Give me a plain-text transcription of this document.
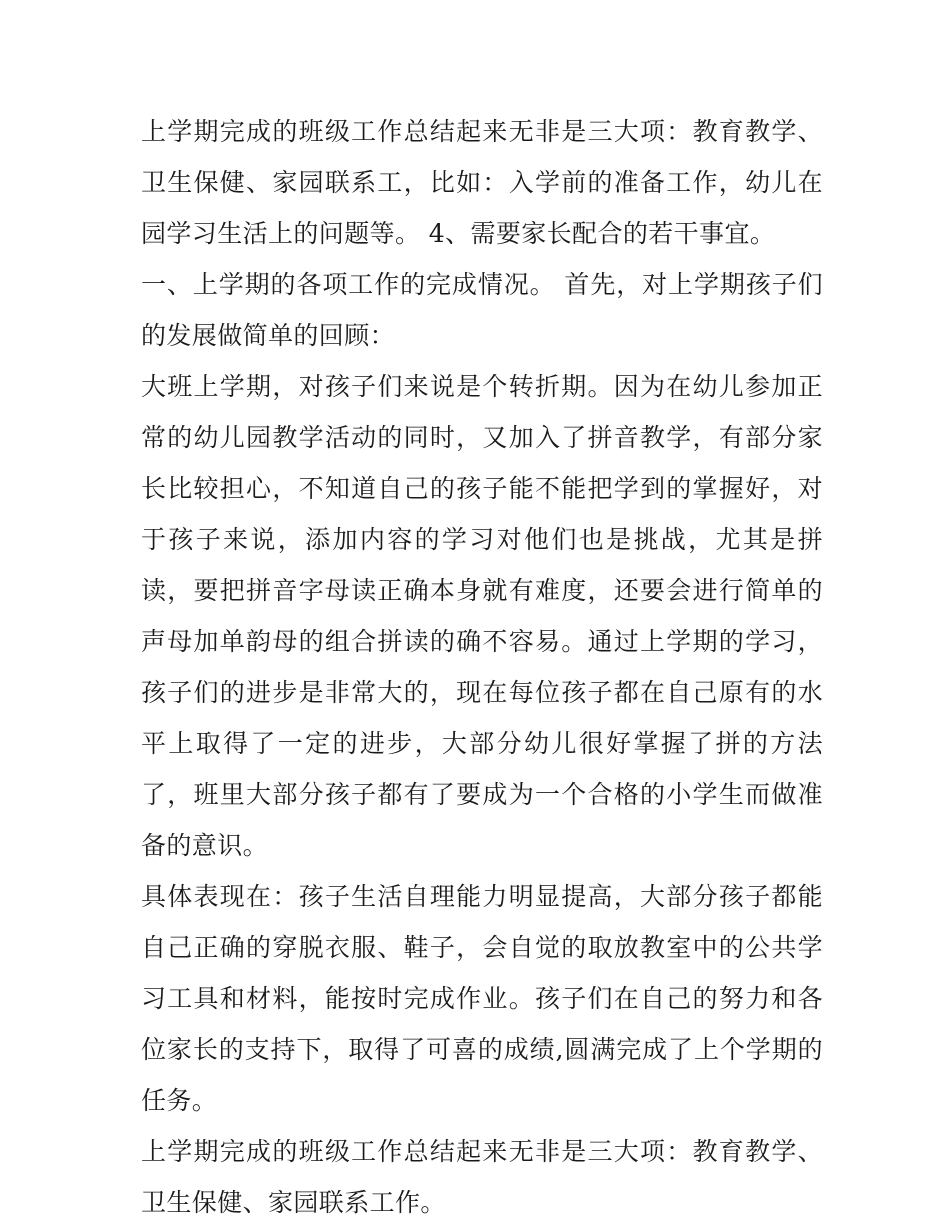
上学期完成的班级工作总结起来无非是三大项：教育教学、卫生保健、家园联系工，比如：入学前的准备工作，幼儿在园学习生活上的问题等。 4、需要家长配合的若干事宜。

一、上学期的各项工作的完成情况。 首先，对上学期孩子们的发展做简单的回顾：

大班上学期，对孩子们来说是个转折期。因为在幼儿参加正常的幼儿园教学活动的同时，又加入了拼音教学，有部分家长比较担心，不知道自己的孩子能不能把学到的掌握好，对于孩子来说，添加内容的学习对他们也是挑战，尤其是拼读，要把拼音字母读正确本身就有难度，还要会进行简单的声母加单韵母的组合拼读的确不容易。通过上学期的学习，孩子们的进步是非常大的，现在每位孩子都在自己原有的水平上取得了一定的进步，大部分幼儿很好掌握了拼的方法了，班里大部分孩子都有了要成为一个合格的小学生而做准备的意识。

具体表现在：孩子生活自理能力明显提高，大部分孩子都能自己正确的穿脱衣服、鞋子，会自觉的取放教室中的公共学习工具和材料，能按时完成作业。孩子们在自己的努力和各位家长的支持下，取得了可喜的成绩,圆满完成了上个学期的任务。

上学期完成的班级工作总结起来无非是三大项：教育教学、卫生保健、家园联系工作。
